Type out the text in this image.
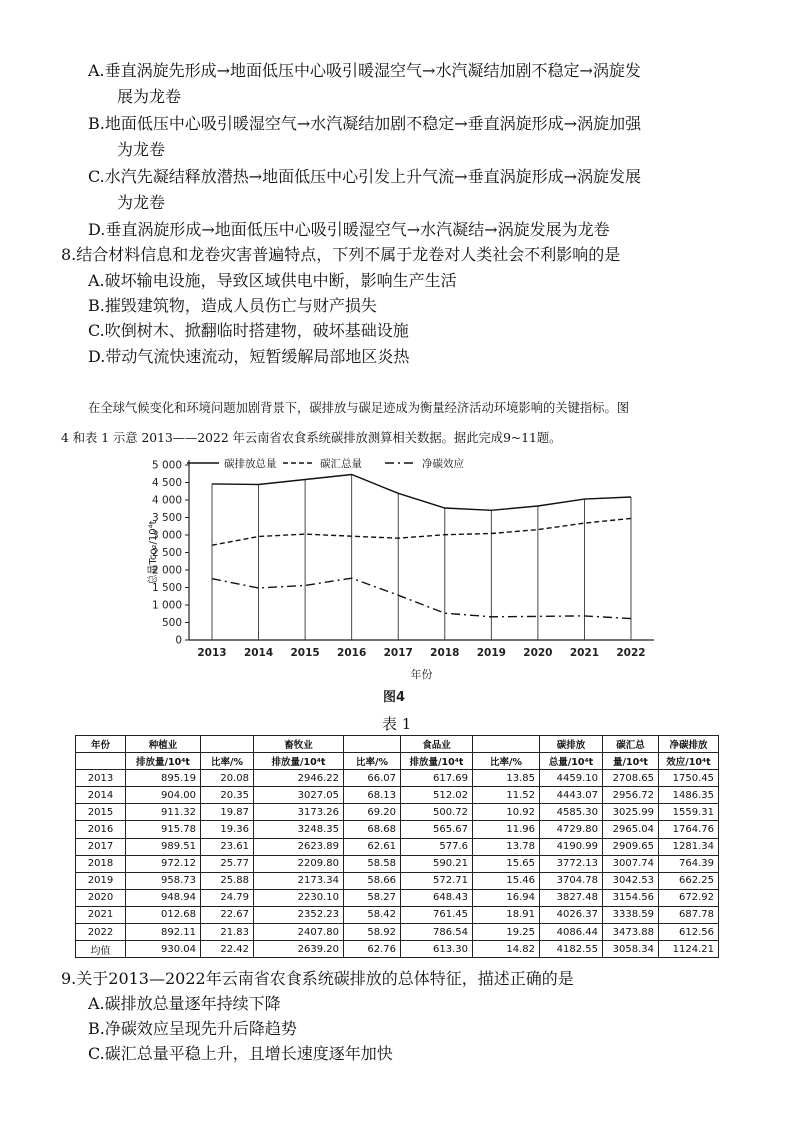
A.垂直涡旋先形成→地面低压中心吸引暖湿空气→水汽凝结加剧不稳定→涡旋发
展为龙卷
B.地面低压中心吸引暖湿空气→水汽凝结加剧不稳定→垂直涡旋形成→涡旋加强
为龙卷
C.水汽先凝结释放潜热→地面低压中心引发上升气流→垂直涡旋形成→涡旋发展
为龙卷
D.垂直涡旋形成→地面低压中心吸引暖湿空气→水汽凝结→涡旋发展为龙卷
8.结合材料信息和龙卷灾害普遍特点，下列不属于龙卷对人类社会不利影响的是
A.破坏输电设施，导致区域供电中断，影响生产生活
B.摧毁建筑物，造成人员伤亡与财产损失
C.吹倒树木、掀翻临时搭建物，破坏基础设施
D.带动气流快速流动，短暂缓解局部地区炎热
在全球气候变化和环境问题加剧背景下，碳排放与碳足迹成为衡量经济活动环境影响的关键指标。图
4 和表 1 示意 2013——2022 年云南省农食系统碳排放测算相关数据。据此完成9~11题。
0
500
1 000
1 500
2 000
2 500
3 000
3 500
4 000
4 500
5 000
2013 2014 2015 2016 2017 2018 2019 2020 2021 2022
年份
总量Tco₂/10⁴t
图4
碳排放总量	碳汇总量	净碳效应
表 1
年份	种植业		畜牧业		食品业		碳排放	碳汇总	净碳排放
	排放量/10⁴t	比率/%	排放量/10⁴t	比率/%	排放量/10⁴t	比率/%	总量/10⁴t	量/10⁴t	效应/10⁴t
2013	895.19	20.08	2946.22	66.07	617.69	13.85	4459.10	2708.65	1750.45
2014	904.00	20.35	3027.05	68.13	512.02	11.52	4443.07	2956.72	1486.35
2015	911.32	19.87	3173.26	69.20	500.72	10.92	4585.30	3025.99	1559.31
2016	915.78	19.36	3248.35	68.68	565.67	11.96	4729.80	2965.04	1764.76
2017	989.51	23.61	2623.89	62.61	577.6	13.78	4190.99	2909.65	1281.34
2018	972.12	25.77	2209.80	58.58	590.21	15.65	3772.13	3007.74	764.39
2019	958.73	25.88	2173.34	58.66	572.71	15.46	3704.78	3042.53	662.25
2020	948.94	24.79	2230.10	58.27	648.43	16.94	3827.48	3154.56	672.92
2021	012.68	22.67	2352.23	58.42	761.45	18.91	4026.37	3338.59	687.78
2022	892.11	21.83	2407.80	58.92	786.54	19.25	4086.44	3473.88	612.56
均值	930.04	22.42	2639.20	62.76	613.30	14.82	4182.55	3058.34	1124.21
9.关于2013—2022年云南省农食系统碳排放的总体特征，描述正确的是
A.碳排放总量逐年持续下降
B.净碳效应呈现先升后降趋势
C.碳汇总量平稳上升，且增长速度逐年加快
